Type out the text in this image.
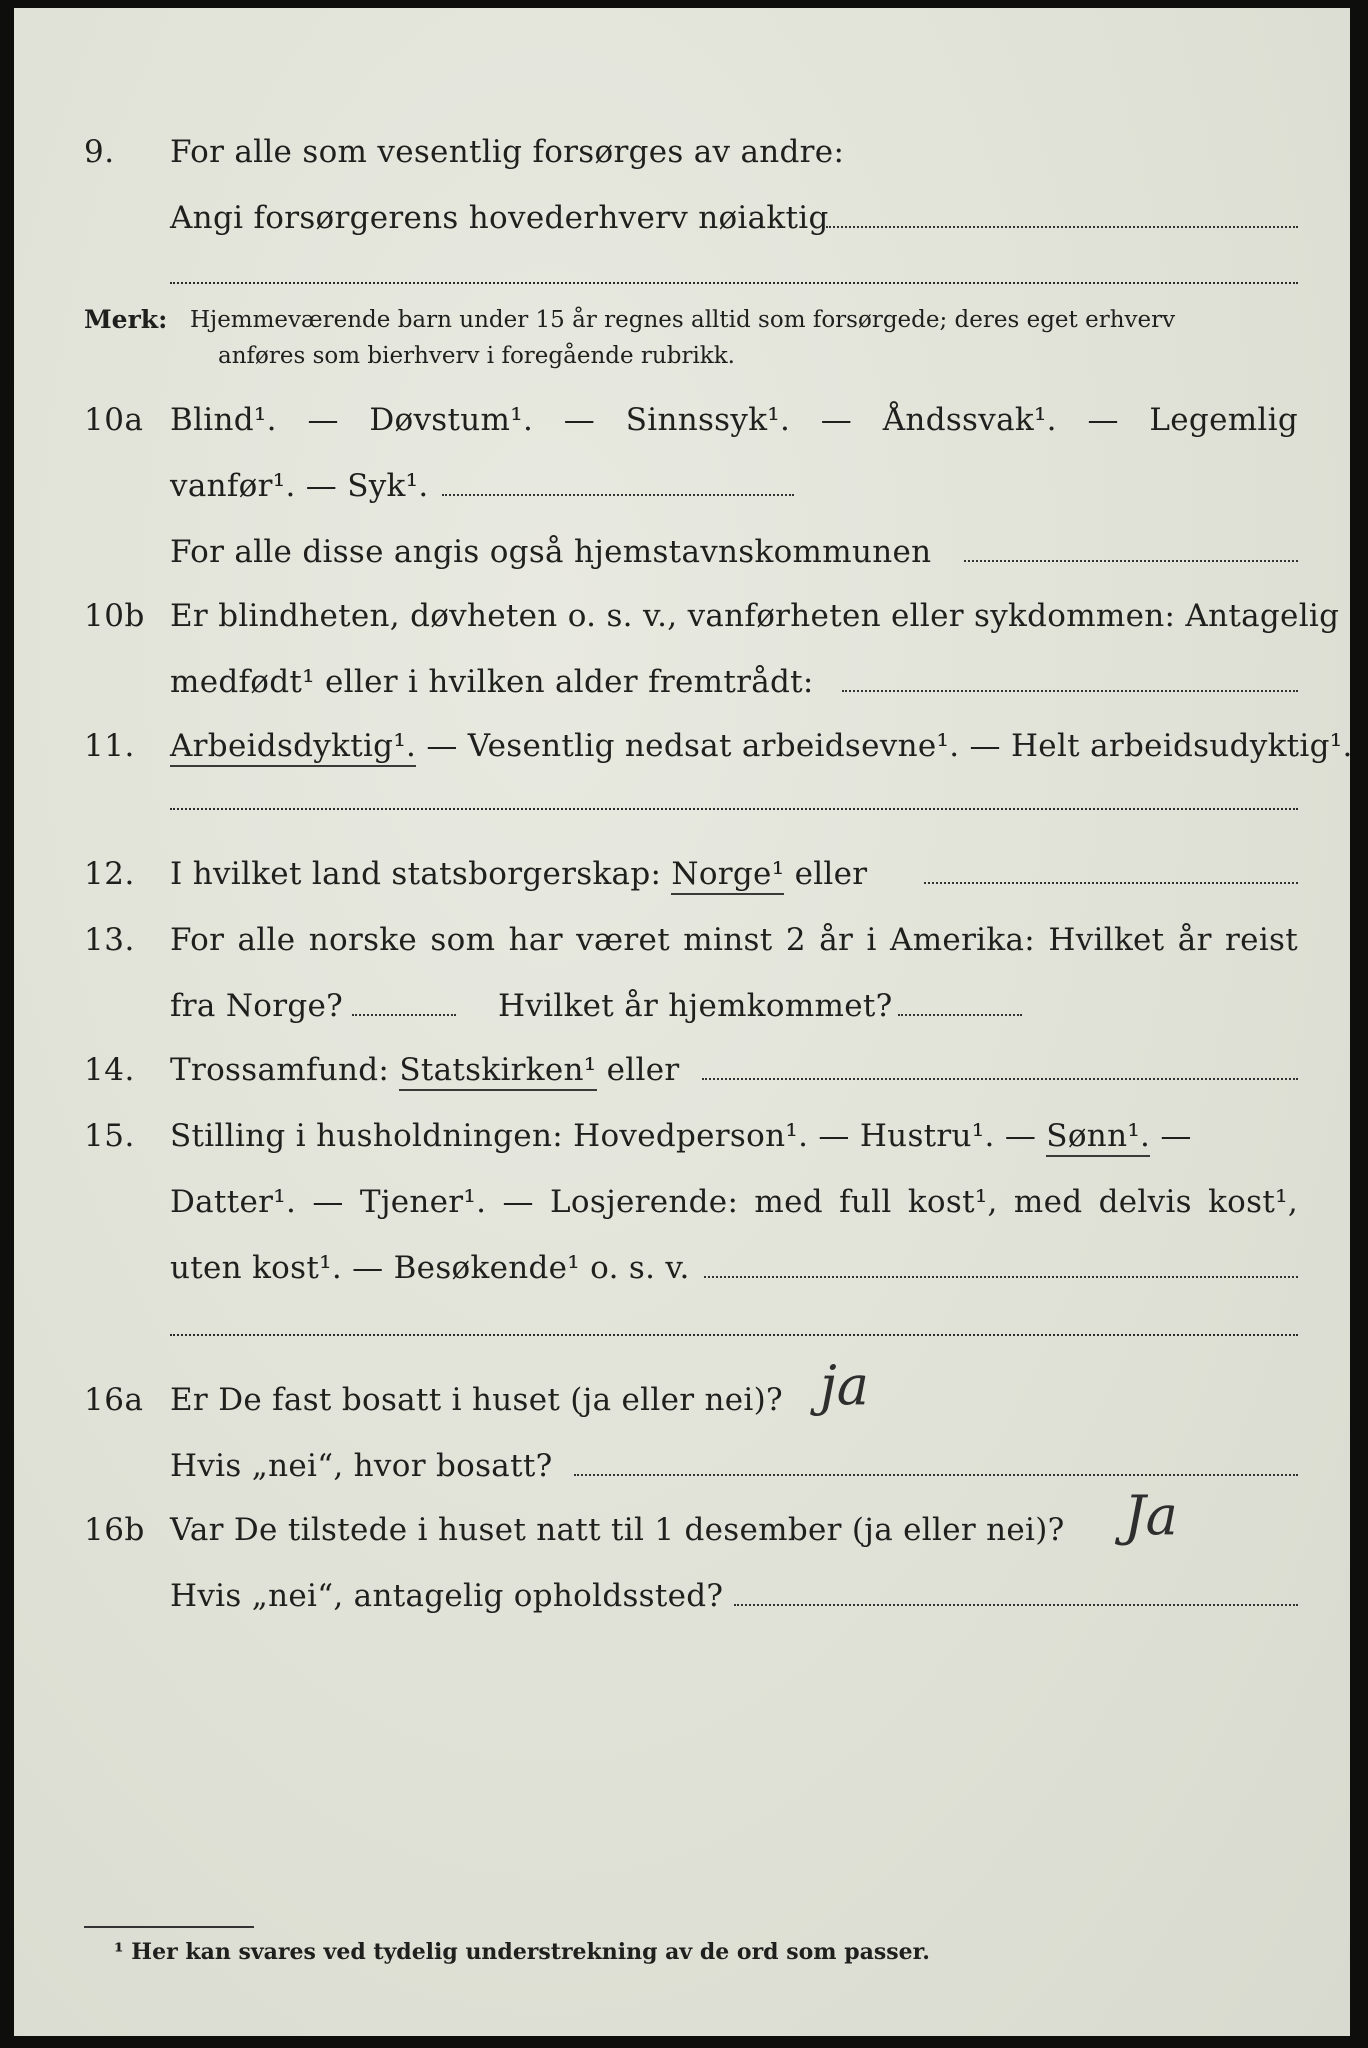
9. For alle som vesentlig forsørges av andre:
Angi forsørgerens hovederhverv nøiaktig
Merk: Hjemmeværende barn under 15 år regnes alltid som forsørgede; deres eget erhverv
anføres som bierhverv i foregående rubrikk.
10a Blind¹. — Døvstum¹. — Sinnssyk¹. — Åndssvak¹. — Legemlig
vanfør¹. — Syk¹.
For alle disse angis også hjemstavnskommunen
10b Er blindheten, døvheten o. s. v., vanførheten eller sykdommen: Antagelig
medfødt¹ eller i hvilken alder fremtrådt:
11. Arbeidsdyktig¹. — Vesentlig nedsat arbeidsevne¹. — Helt arbeidsudyktig¹.
12. I hvilket land statsborgerskap: Norge¹ eller
13. For alle norske som har været minst 2 år i Amerika: Hvilket år reist
fra Norge?	Hvilket år hjemkommet?
14. Trossamfund: Statskirken¹ eller
15. Stilling i husholdningen: Hovedperson¹. — Hustru¹. — Sønn¹. —
Datter¹. — Tjener¹. — Losjerende: med full kost¹, med delvis kost¹,
uten kost¹. — Besøkende¹ o. s. v.
16a Er De fast bosatt i huset (ja eller nei)? ja
Hvis „nei“, hvor bosatt?
16b Var De tilstede i huset natt til 1 desember (ja eller nei)? Ja
Hvis „nei“, antagelig opholdssted?
¹ Her kan svares ved tydelig understrekning av de ord som passer.
